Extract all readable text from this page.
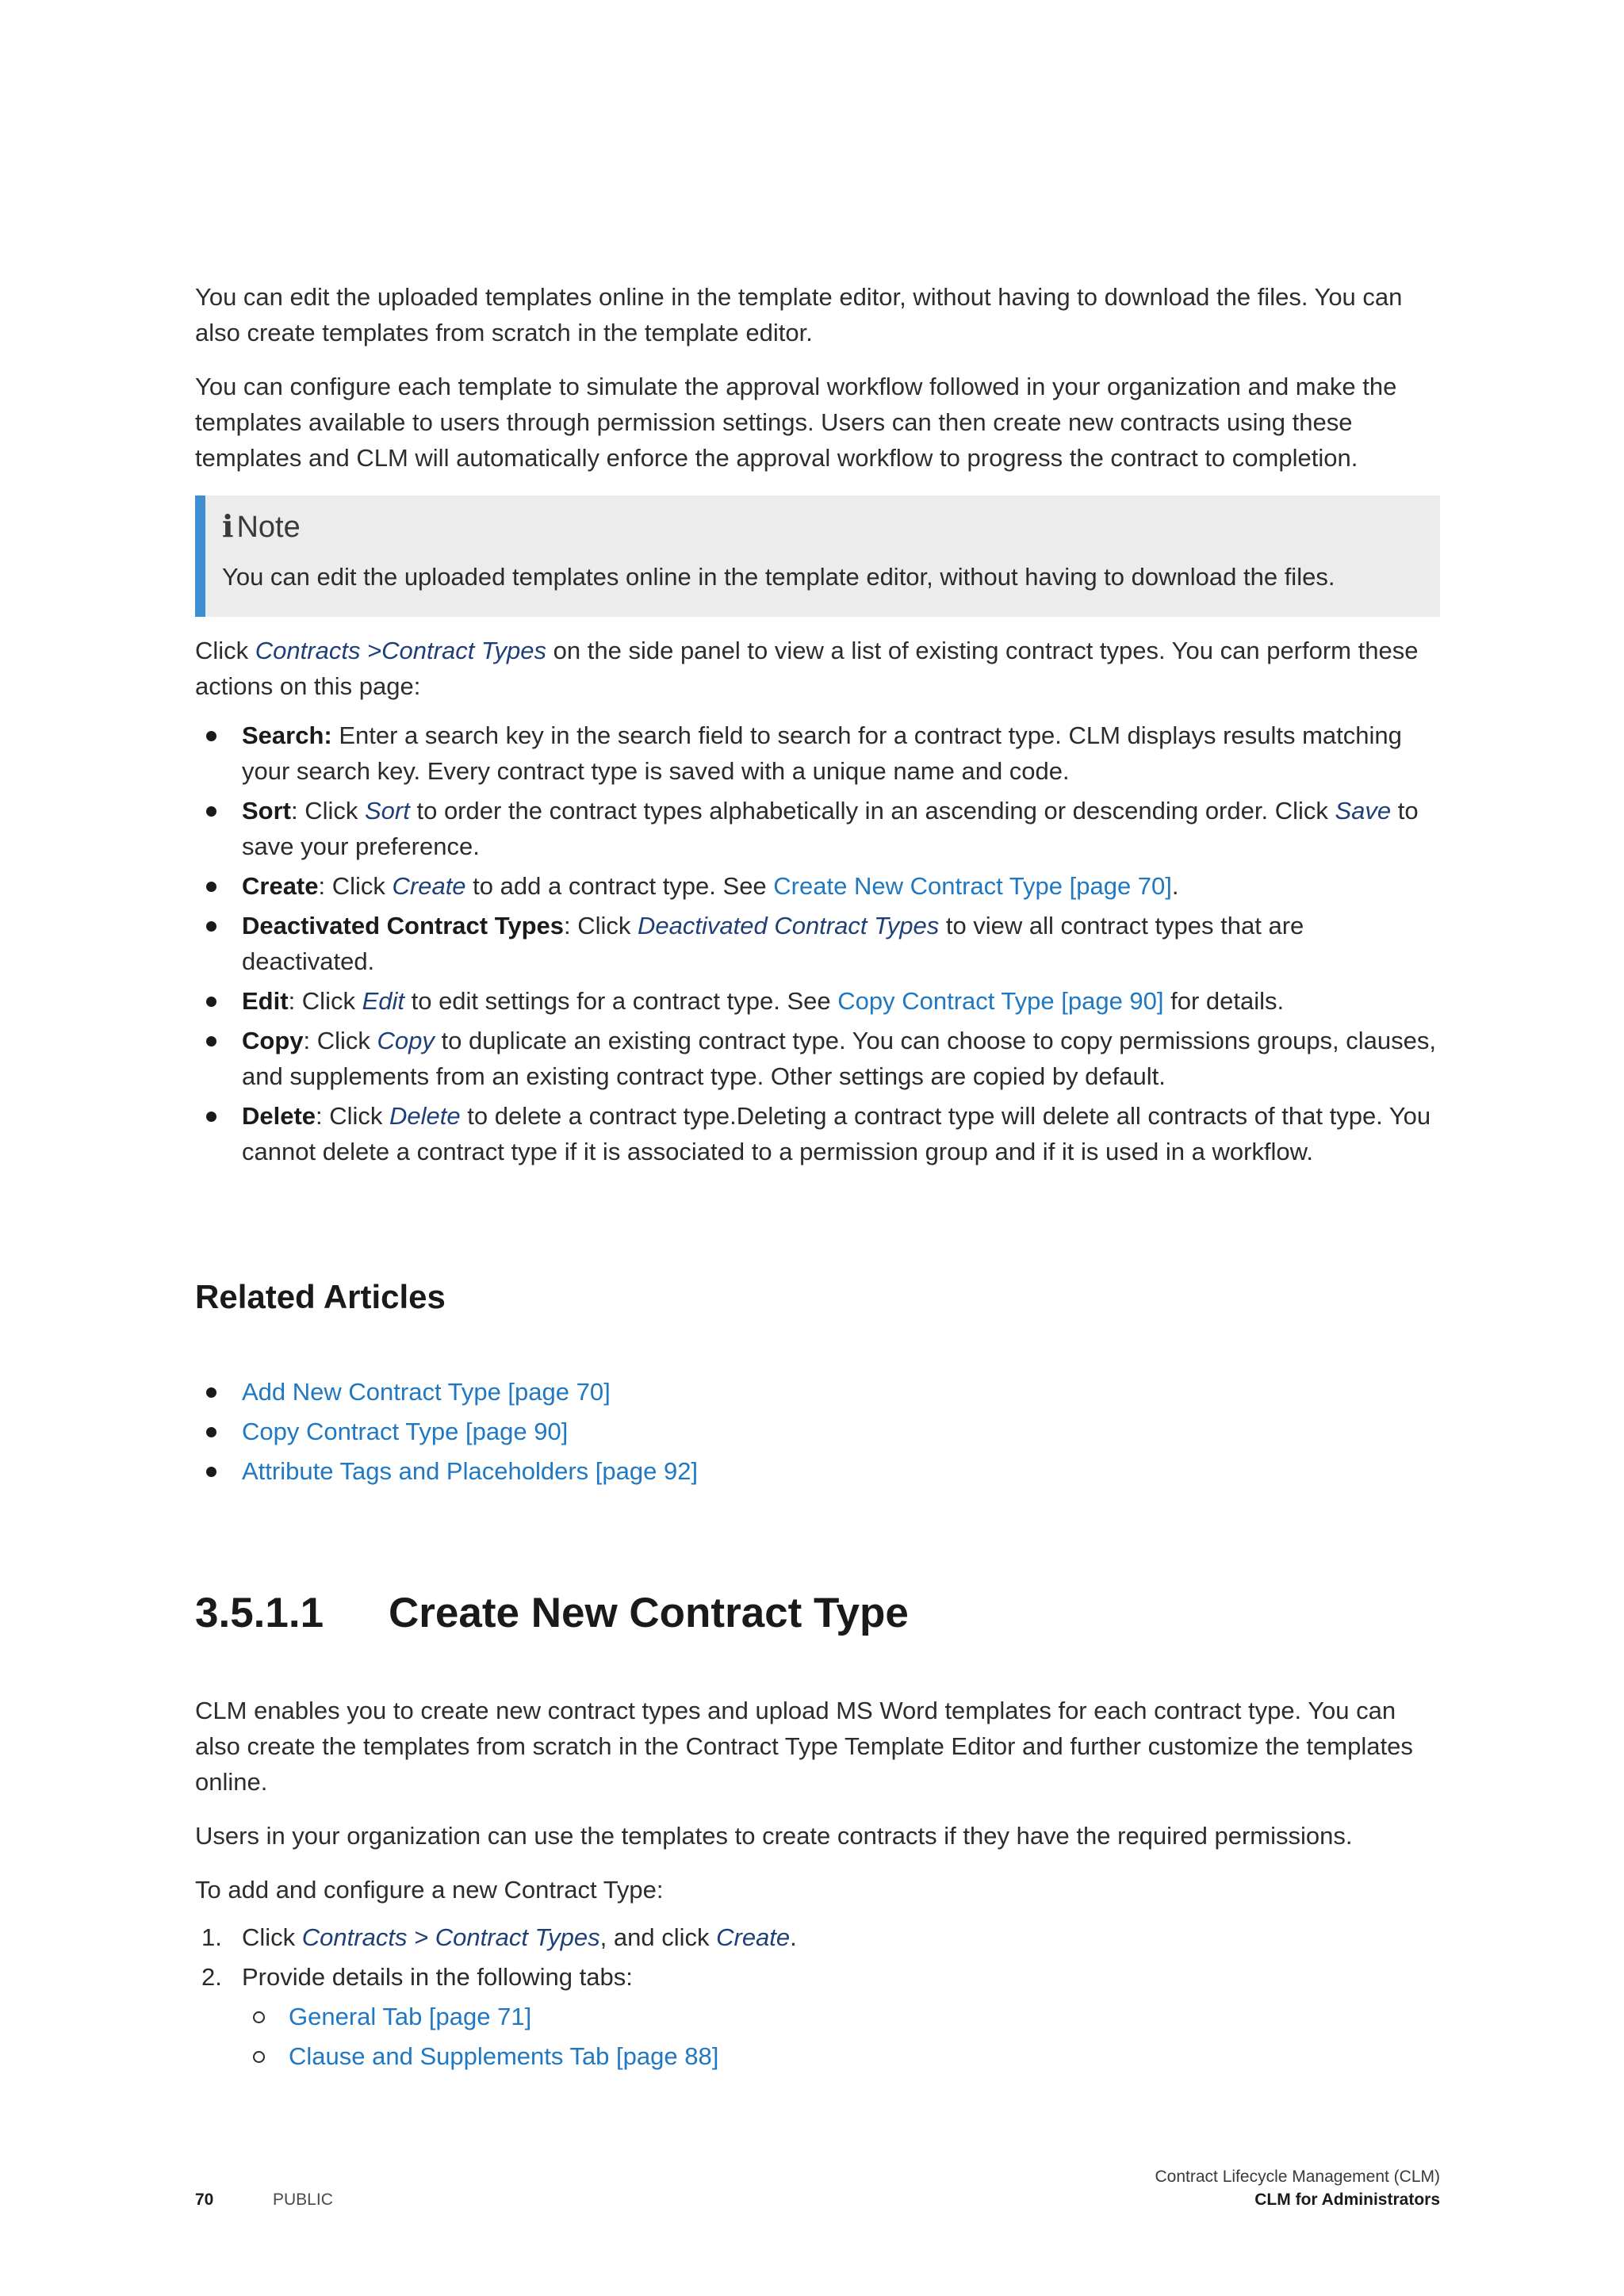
You can edit the uploaded templates online in the template editor, without having to download the files. You can also create templates from scratch in the template editor.

You can configure each template to simulate the approval workflow followed in your organization and make the templates available to users through permission settings. Users can then create new contracts using these templates and CLM will automatically enforce the approval workflow to progress the contract to completion.

i Note
You can edit the uploaded templates online in the template editor, without having to download the files.

Click Contracts >Contract Types on the side panel to view a list of existing contract types. You can perform these actions on this page:

Search: Enter a search key in the search field to search for a contract type. CLM displays results matching your search key. Every contract type is saved with a unique name and code.
Sort: Click Sort to order the contract types alphabetically in an ascending or descending order. Click Save to save your preference.
Create: Click Create to add a contract type. See Create New Contract Type [page 70].
Deactivated Contract Types: Click Deactivated Contract Types to view all contract types that are deactivated.
Edit: Click Edit to edit settings for a contract type. See Copy Contract Type [page 90] for details.
Copy: Click Copy to duplicate an existing contract type. You can choose to copy permissions groups, clauses, and supplements from an existing contract type. Other settings are copied by default.
Delete: Click Delete to delete a contract type.Deleting a contract type will delete all contracts of that type. You cannot delete a contract type if it is associated to a permission group and if it is used in a workflow.
Related Articles
Add New Contract Type [page 70]
Copy Contract Type [page 90]
Attribute Tags and Placeholders [page 92]
3.5.1.1 Create New Contract Type

CLM enables you to create new contract types and upload MS Word templates for each contract type. You can also create the templates from scratch in the Contract Type Template Editor and further customize the templates online.

Users in your organization can use the templates to create contracts if they have the required permissions.

To add and configure a new Contract Type:

1. Click Contracts > Contract Types, and click Create.
2. Provide details in the following tabs:
General Tab [page 71]
Clause and Supplements Tab [page 88]
70	PUBLIC
Contract Lifecycle Management (CLM)
CLM for Administrators
